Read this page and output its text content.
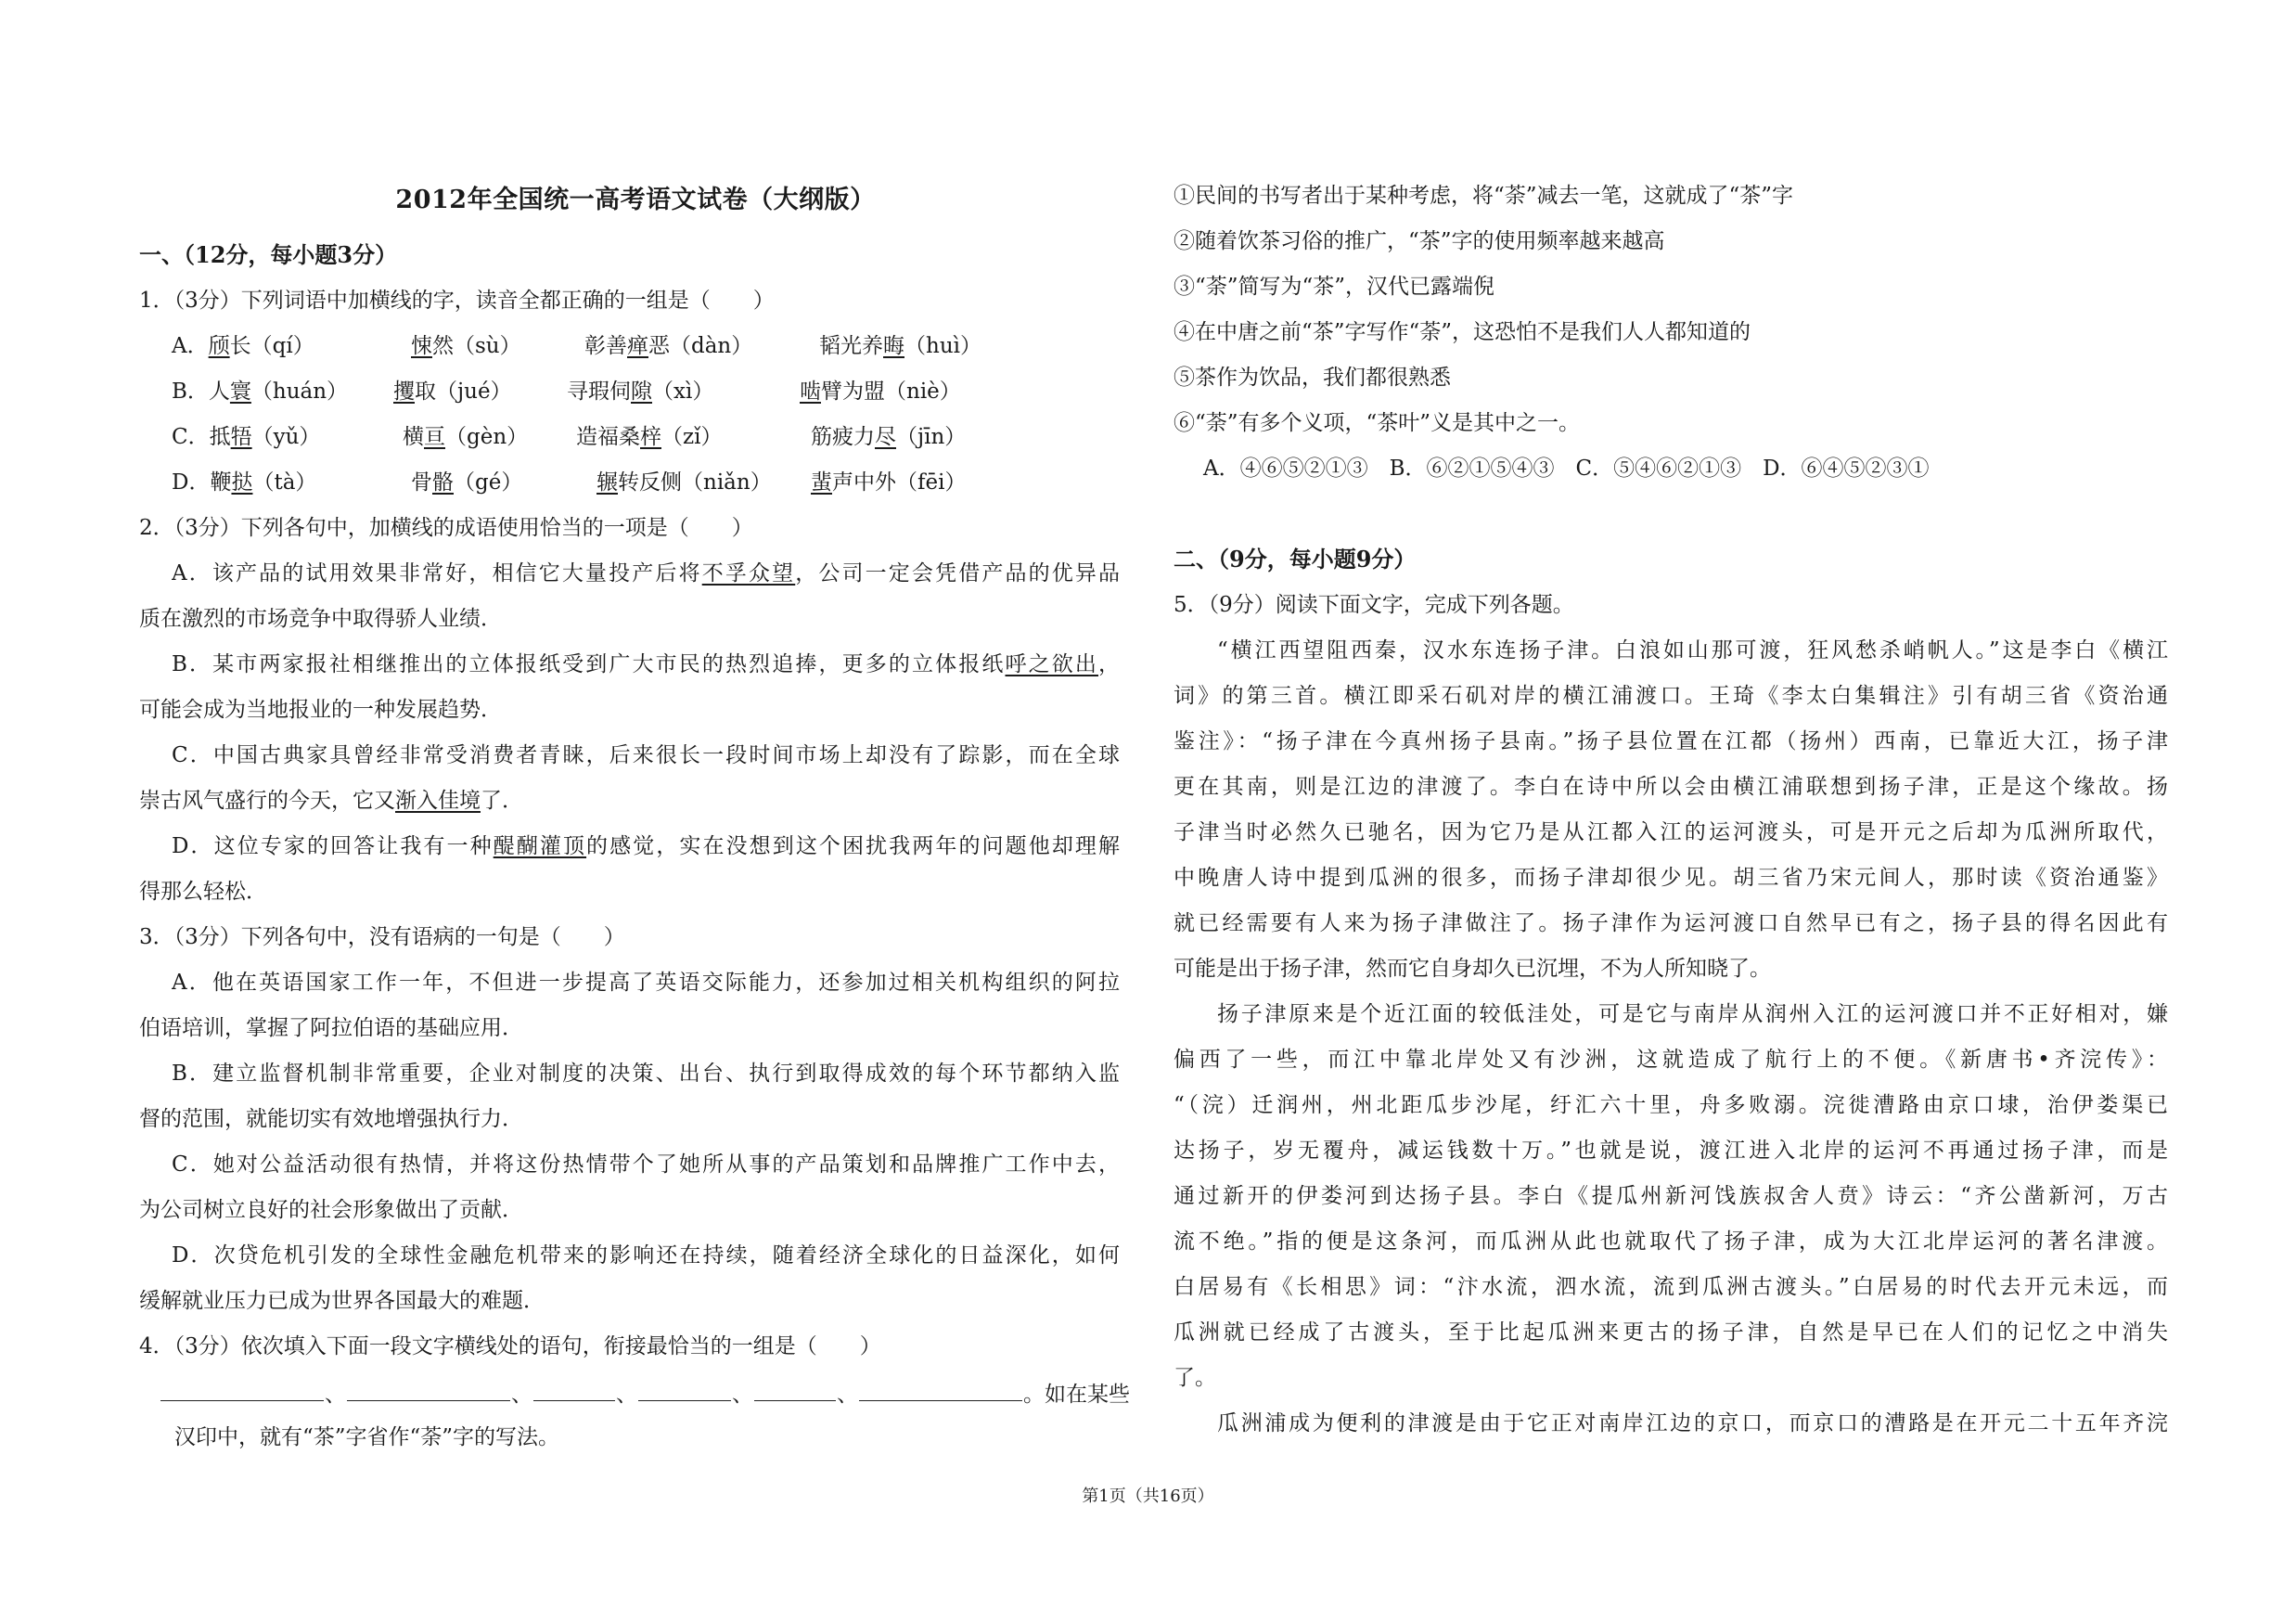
2012年全国统一高考语文试卷（大纲版）
一、（12分，每小题3分）
1．（3分）下列词语中加横线的字，读音全都正确的一组是（　　）
A．颀长（qí）	悚然（sù）	彰善瘅恶（dàn）	韬光养晦（huì）
B．人寰（huán） 攫取（jué）	寻瑕伺隙（xì）	啮臂为盟（niè）
C．抵牾（yǔ）	横亘（gèn） 造福桑梓（zǐ）	筋疲力尽（jīn）
D．鞭挞（tà）	骨骼（gé）	辗转反侧（niǎn） 蜚声中外（fēi）
2．（3分）下列各句中，加横线的成语使用恰当的一项是（　　）
A．该产品的试用效果非常好，相信它大量投产后将不孚众望，公司一定会凭借产品的优异品
质在激烈的市场竞争中取得骄人业绩．
B．某市两家报社相继推出的立体报纸受到广大市民的热烈追捧，更多的立体报纸呼之欲出，
可能会成为当地报业的一种发展趋势．
C．中国古典家具曾经非常受消费者青睐，后来很长一段时间市场上却没有了踪影，而在全球
崇古风气盛行的今天，它又渐入佳境了．
D．这位专家的回答让我有一种醍醐灌顶的感觉，实在没想到这个困扰我两年的问题他却理解
得那么轻松．
3．（3分）下列各句中，没有语病的一句是（　　）
A．他在英语国家工作一年，不但进一步提高了英语交际能力，还参加过相关机构组织的阿拉
伯语培训，掌握了阿拉伯语的基础应用．
B．建立监督机制非常重要，企业对制度的决策、出台、执行到取得成效的每个环节都纳入监
督的范围，就能切实有效地增强执行力．
C．她对公益活动很有热情，并将这份热情带个了她所从事的产品策划和品牌推广工作中去，
为公司树立良好的社会形象做出了贡献．
D．次贷危机引发的全球性金融危机带来的影响还在持续，随着经济全球化的日益深化，如何
缓解就业压力已成为世界各国最大的难题．
4．（3分）依次填入下面一段文字横线处的语句，衔接最恰当的一组是（　　）
、	、	、	、	、	。如在某些
汉印中，就有“茶”字省作“荼”字的写法。
①民间的书写者出于某种考虑，将“荼”减去一笔，这就成了“茶”字
②随着饮茶习俗的推广，“茶”字的使用频率越来越高
③“荼”简写为“茶”，汉代已露端倪
④在中唐之前“茶”字写作“荼”，这恐怕不是我们人人都知道的
⑤茶作为饮品，我们都很熟悉
⑥“荼”有多个义项，“茶叶”义是其中之一。
A．④⑥⑤②①③　B．⑥②①⑤④③　C．⑤④⑥②①③　D．⑥④⑤②③①
二、（9分，每小题9分）
5．（9分）阅读下面文字，完成下列各题。
“横江西望阻西秦，汉水东连扬子津。白浪如山那可渡，狂风愁杀峭帆人。”这是李白《横江
词》的第三首。横江即采石矶对岸的横江浦渡口。王琦《李太白集辑注》引有胡三省《资治通
鉴注》：“扬子津在今真州扬子县南。”扬子县位置在江都（扬州）西南，已靠近大江，扬子津
更在其南，则是江边的津渡了。李白在诗中所以会由横江浦联想到扬子津，正是这个缘故。扬
子津当时必然久已驰名，因为它乃是从江都入江的运河渡头，可是开元之后却为瓜洲所取代，
中晚唐人诗中提到瓜洲的很多，而扬子津却很少见。胡三省乃宋元间人，那时读《资治通鉴》
就已经需要有人来为扬子津做注了。扬子津作为运河渡口自然早已有之，扬子县的得名因此有
可能是出于扬子津，然而它自身却久已沉埋，不为人所知晓了。
扬子津原来是个近江面的较低洼处，可是它与南岸从润州入江的运河渡口并不正好相对，嫌
偏西了一些，而江中靠北岸处又有沙洲，这就造成了航行上的不便。《新唐书•齐浣传》：
“（浣）迁润州，州北距瓜步沙尾，纡汇六十里，舟多败溺。浣徙漕路由京口埭，治伊娄渠已
达扬子，岁无覆舟，减运钱数十万。”也就是说，渡江进入北岸的运河不再通过扬子津，而是
通过新开的伊娄河到达扬子县。李白《提瓜州新河饯族叔舍人贲》诗云：“齐公凿新河，万古
流不绝。”指的便是这条河，而瓜洲从此也就取代了扬子津，成为大江北岸运河的著名津渡。
白居易有《长相思》词：“汴水流，泗水流，流到瓜洲古渡头。”白居易的时代去开元未远，而
瓜洲就已经成了古渡头，至于比起瓜洲来更古的扬子津，自然是早已在人们的记忆之中消失
了。
瓜洲浦成为便利的津渡是由于它正对南岸江边的京口，而京口的漕路是在开元二十五年齐浣
第1页（共16页）
